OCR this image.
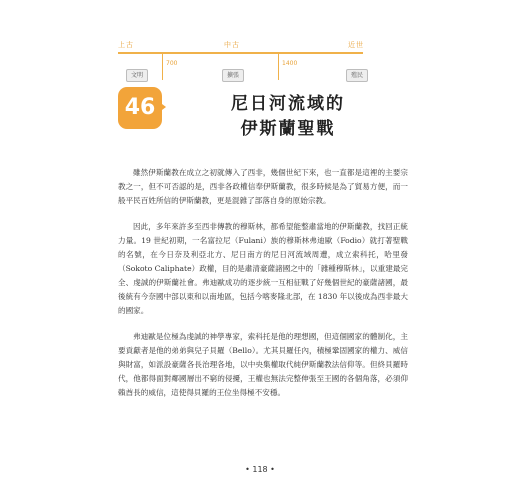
上古	中古	近世
700	1400
文明	擴張	殖民
46	尼日河流域的
伊斯蘭聖戰

雖然伊斯蘭教在成立之初就傳入了西非，幾個世紀下來，也一直都是這裡的主要宗教之一，但不可否認的是，西非各政權信奉伊斯蘭教，很多時候是為了貿易方便，而一般平民百姓所信的伊斯蘭教，更是混雜了部落自身的原始宗教。

因此，多年來許多至西非傳教的穆斯林，都希望能整肅當地的伊斯蘭教，找回正統力量。19 世紀初期，一名富拉尼（Fulani）族的穆斯林弗迪歐（Fodio）就打著聖戰的名號，在今日奈及利亞北方、尼日南方的尼日河流域周遭，成立索科托，哈里發（Sokoto Caliphate）政權，目的是肅清豪薩諸國之中的「雜種穆斯林」，以重建最完全、虔誠的伊斯蘭社會。弗迪歐成功的逐步統一互相征戰了好幾個世紀的豪薩諸國，最後統有今奈國中部以東和以南地區，包括今喀麥隆北部，在 1830 年以後成為西非最大的國家。

弗迪歐是位極為虔誠的神學專家，索科托是他的理想國，但這個國家的體制化，主要貢獻者是他的弟弟與兒子貝羅（Bello）。尤其貝羅任內，積極鞏固國家的權力、威信與財富，如派設豪薩各長治理各地，以中央集權取代純伊斯蘭教法信仰等。但終貝羅時代，他都得面對鄰國層出不窮的侵擾，王權也無法完整伸張至王國的各個角落，必須仰賴酋長的威信，這使得貝羅的王位坐得極不安穩。

• 118 •
